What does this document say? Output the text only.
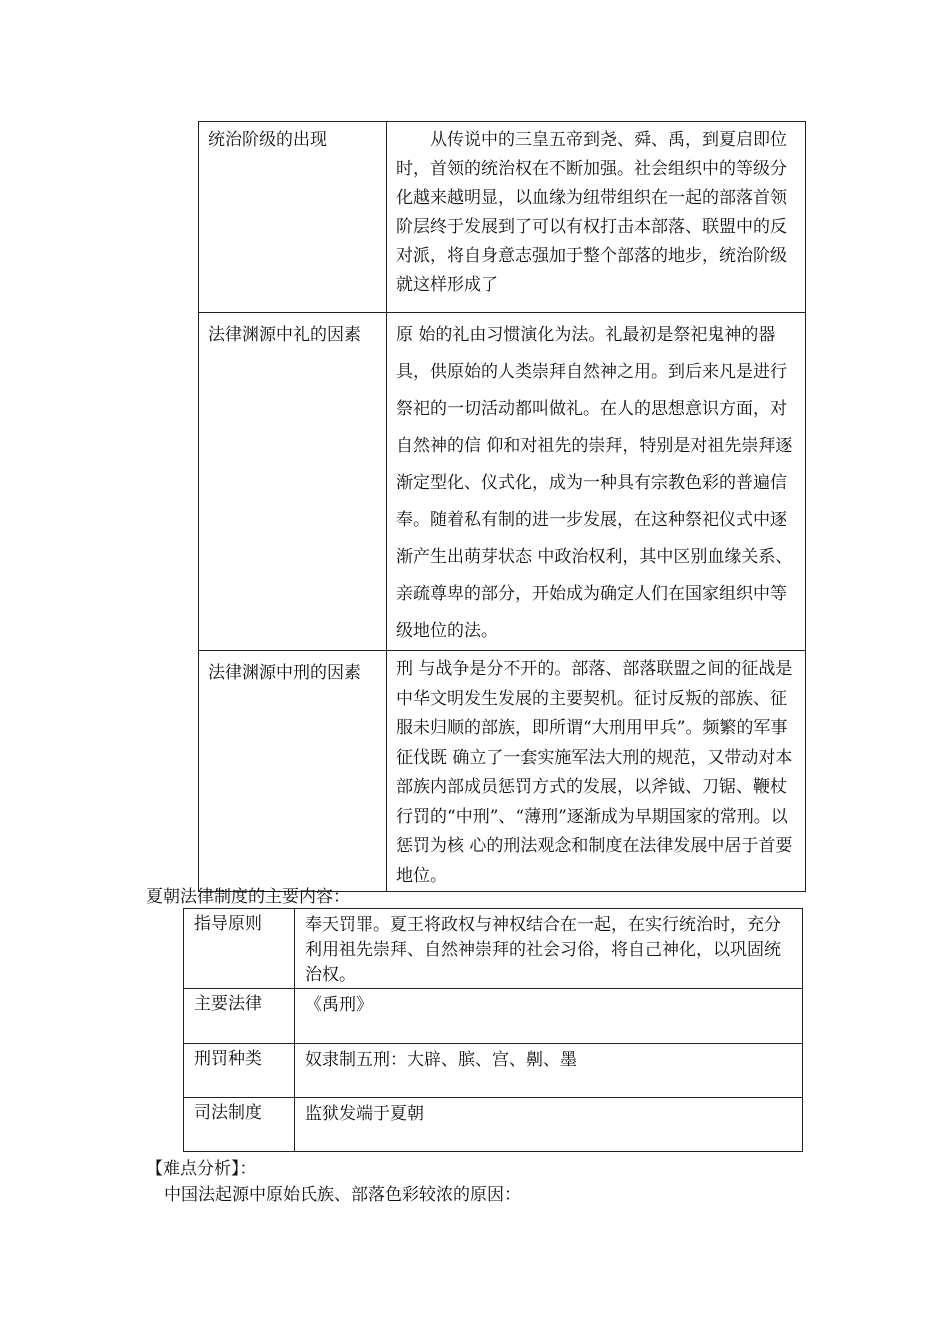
统治阶级的出现	从传说中的三皇五帝到尧、舜、禹，到夏启即位时，首领的统治权在不断加强。社会组织中的等级分化越来越明显，以血缘为纽带组织在一起的部落首领阶层终于发展到了可以有权打击本部落、联盟中的反对派，将自身意志强加于整个部落的地步，统治阶级就这样形成了
法律渊源中礼的因素	原 始的礼由习惯演化为法。礼最初是祭祀鬼神的器具，供原始的人类崇拜自然神之用。到后来凡是进行祭祀的一切活动都叫做礼。在人的思想意识方面，对自然神的信 仰和对祖先的崇拜，特别是对祖先崇拜逐渐定型化、仪式化，成为一种具有宗教色彩的普遍信奉。随着私有制的进一步发展，在这种祭祀仪式中逐渐产生出萌芽状态 中政治权利，其中区别血缘关系、亲疏尊卑的部分，开始成为确定人们在国家组织中等级地位的法。
法律渊源中刑的因素	刑 与战争是分不开的。部落、部落联盟之间的征战是中华文明发生发展的主要契机。征讨反叛的部族、征服未归顺的部族，即所谓“大刑用甲兵”。频繁的军事征伐既 确立了一套实施军法大刑的规范，又带动对本部族内部成员惩罚方式的发展，以斧钺、刀锯、鞭杖行罚的“中刑”、“薄刑”逐渐成为早期国家的常刑。以惩罚为核 心的刑法观念和制度在法律发展中居于首要地位。
夏朝法律制度的主要内容：
指导原则	奉天罚罪。夏王将政权与神权结合在一起，在实行统治时，充分利用祖先崇拜、自然神崇拜的社会习俗，将自己神化，以巩固统治权。
主要法律	《禹刑》
刑罚种类	奴隶制五刑：大辟、膑、宫、劓、墨
司法制度	监狱发端于夏朝
【难点分析】：
中国法起源中原始氏族、部落色彩较浓的原因：
